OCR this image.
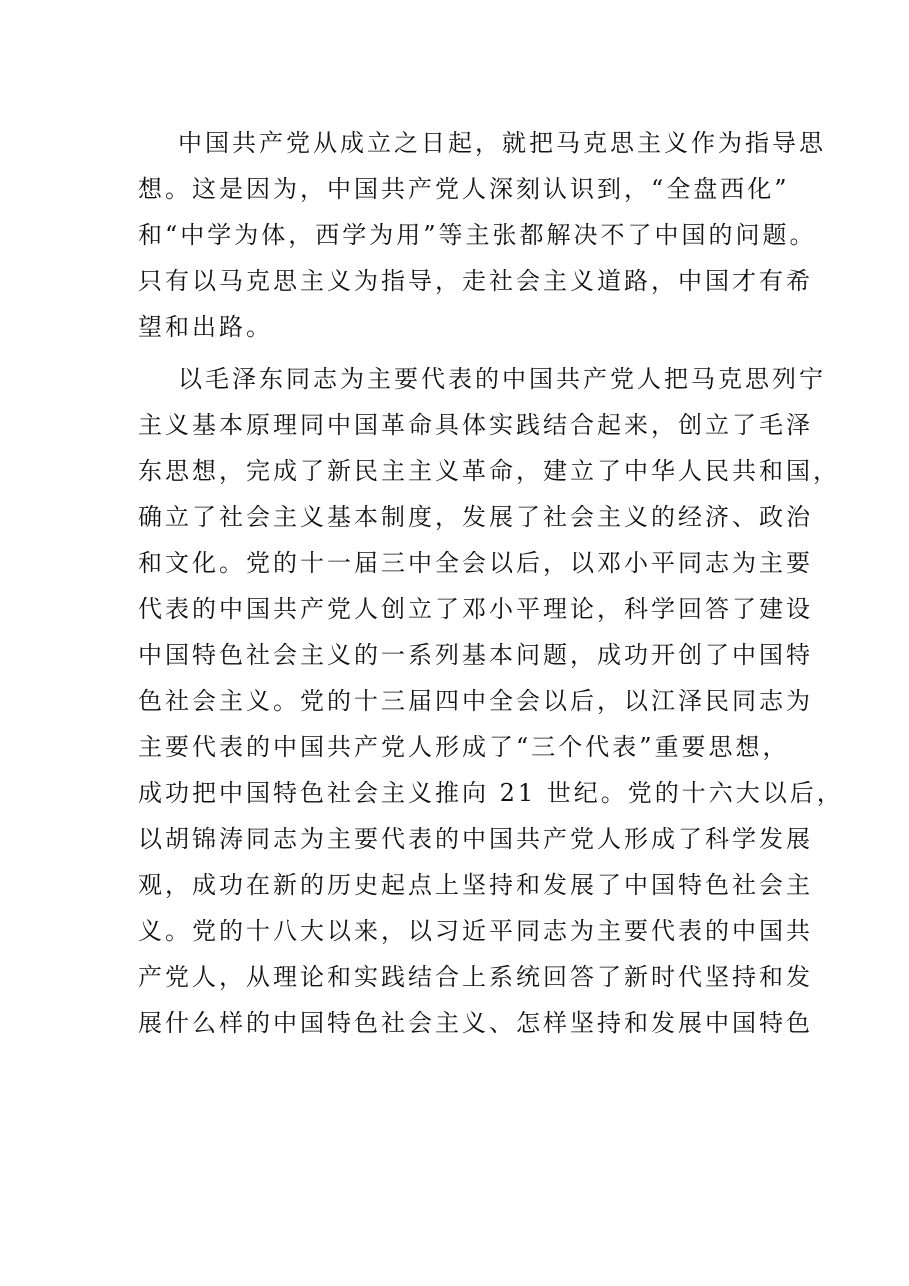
中国共产党从成立之日起，就把马克思主义作为指导思
想。这是因为，中国共产党人深刻认识到，“全盘西化”
和“中学为体，西学为用”等主张都解决不了中国的问题。
只有以马克思主义为指导，走社会主义道路，中国才有希
望和出路。
以毛泽东同志为主要代表的中国共产党人把马克思列宁
主义基本原理同中国革命具体实践结合起来，创立了毛泽
东思想，完成了新民主主义革命，建立了中华人民共和国，
确立了社会主义基本制度，发展了社会主义的经济、政治
和文化。党的十一届三中全会以后，以邓小平同志为主要
代表的中国共产党人创立了邓小平理论，科学回答了建设
中国特色社会主义的一系列基本问题，成功开创了中国特
色社会主义。党的十三届四中全会以后，以江泽民同志为
主要代表的中国共产党人形成了“三个代表”重要思想，
成功把中国特色社会主义推向 21 世纪。党的十六大以后，
以胡锦涛同志为主要代表的中国共产党人形成了科学发展
观，成功在新的历史起点上坚持和发展了中国特色社会主
义。党的十八大以来，以习近平同志为主要代表的中国共
产党人，从理论和实践结合上系统回答了新时代坚持和发
展什么样的中国特色社会主义、怎样坚持和发展中国特色
